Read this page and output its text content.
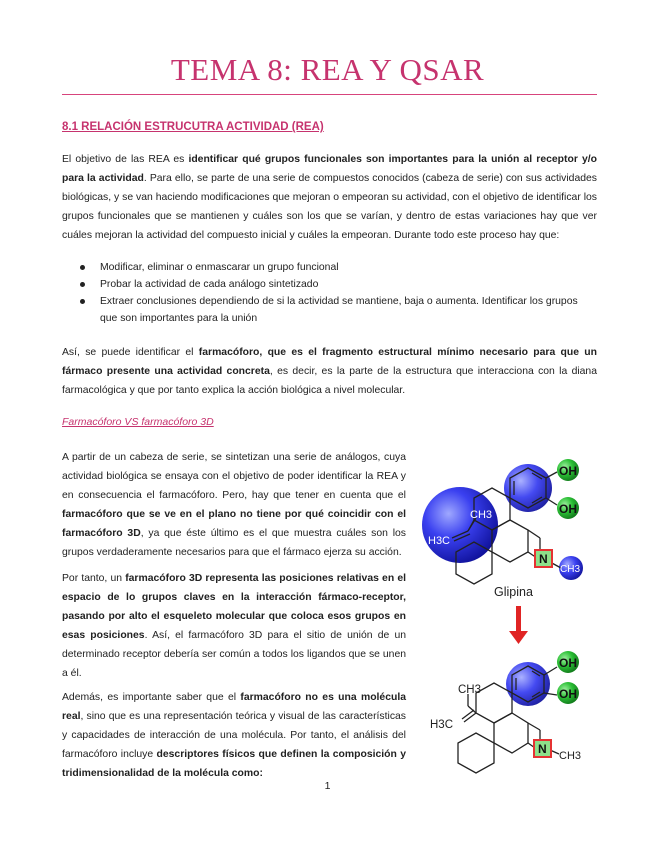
TEMA 8: REA Y QSAR
8.1 RELACIÓN ESTRUCUTRA ACTIVIDAD (REA)
El objetivo de las REA es identificar qué grupos funcionales son importantes para la unión al receptor y/o para la actividad. Para ello, se parte de una serie de compuestos conocidos (cabeza de serie) con sus actividades biológicas, y se van haciendo modificaciones que mejoran o empeoran su actividad, con el objetivo de identificar los grupos funcionales que se mantienen y cuáles son los que se varían, y dentro de estas variaciones hay que ver cuáles mejoran la actividad del compuesto inicial y cuáles la empeoran. Durante todo este proceso hay que:
Modificar, eliminar o enmascarar un grupo funcional
Probar la actividad de cada análogo sintetizado
Extraer conclusiones dependiendo de si la actividad se mantiene, baja o aumenta. Identificar los grupos que son importantes para la unión
Así, se puede identificar el farmacóforo, que es el fragmento estructural mínimo necesario para que un fármaco presente una actividad concreta, es decir, es la parte de la estructura que interacciona con la diana farmacológica y que por tanto explica la acción biológica a nivel molecular.
Farmacóforo VS farmacóforo 3D
A partir de un cabeza de serie, se sintetizan una serie de análogos, cuya actividad biológica se ensaya con el objetivo de poder identificar la REA y en consecuencia el farmacóforo. Pero, hay que tener en cuenta que el farmacóforo que se ve en el plano no tiene por qué coincidir con el farmacóforo 3D, ya que éste último es el que muestra cuáles son los grupos verdaderamente necesarios para que el fármaco ejerza su acción.
Por tanto, un farmacóforo 3D representa las posiciones relativas en el espacio de lo grupos claves en la interacción fármaco-receptor, pasando por alto el esqueleto molecular que coloca esos grupos en esas posiciones. Así, el farmacóforo 3D para el sitio de unión de un determinado receptor debería ser común a todos los ligandos que se unen a él.
Además, es importante saber que el farmacóforo no es una molécula real, sino que es una representación teórica y visual de las características y capacidades de interacción de una molécula. Por tanto, el análisis del farmacóforo incluye descriptores físicos que definen la composición y tridimensionalidad de la molécula como:
OH
OH
CH3
H3C
N
CH3
Glipina
OH
OH
CH3
H3C
N CH3
1
